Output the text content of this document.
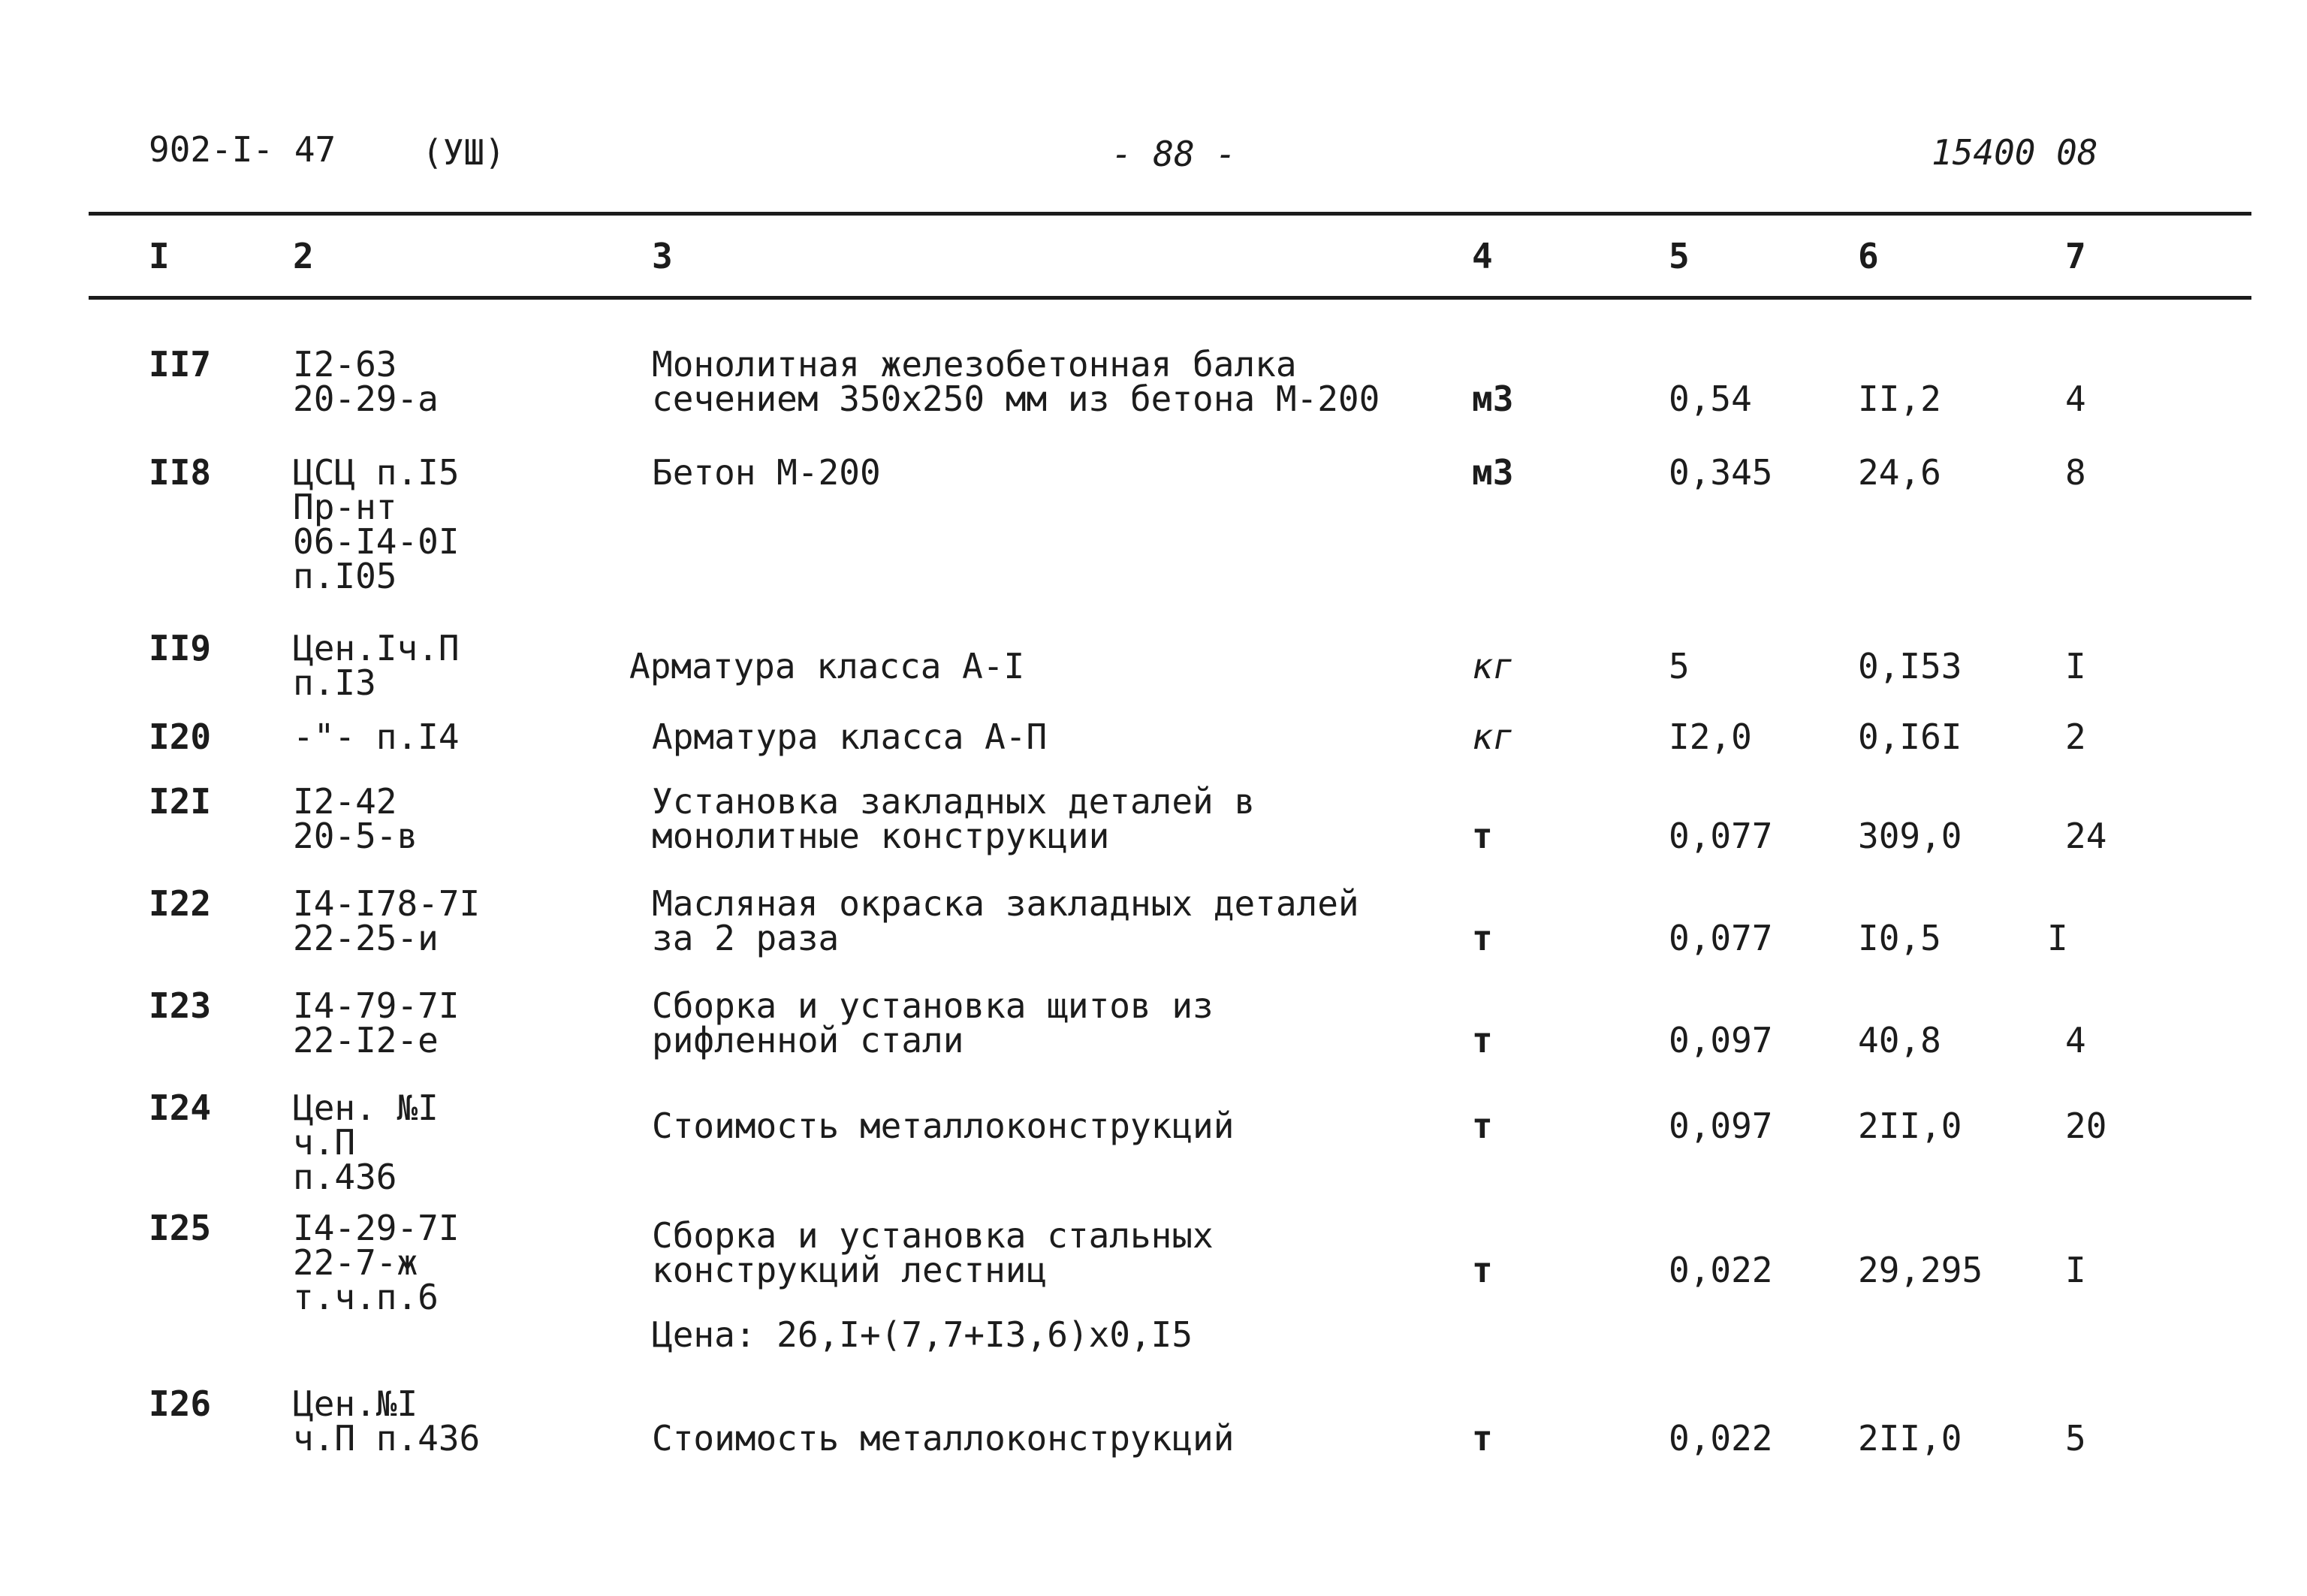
902-I- 47 (УШ)	- 88 -	15400 08
I	2	3	4	5	6	7
II7 I2-63
20-29-а
Монолитная железобетонная балка
сечением 350х250 мм из бетона М-200	м3	0,54	II,2	4
II8 ЦСЦ п.I5
Пр-нт
06-I4-0I
п.I05
Бетон М-200	м3	0,345 24,6	8
II9 Цен.Iч.П
п.I3	Арматура класса А-I	кг	5	0,I53	I
I20 -"- п.I4	Арматура класса А-П	кг	I2,0	0,I6I	2
I2I I2-42
20-5-в
Установка закладных деталей в
монолитные конструкции	т	0,077 309,0	24
I22 I4-I78-7I
22-25-и
Масляная окраска закладных деталей
за 2 раза	т	0,077 I0,5	I
I23 I4-79-7I
22-I2-е
Сборка и установка щитов из
рифленной стали	т	0,097 40,8	4
I24 Цен. №I
ч.П
п.436
Стоимость металлоконструкций	т	0,097 2II,0	20
I25 I4-29-7I
22-7-ж
т.ч.п.6
Сборка и установка стальных
конструкций лестниц
Цена: 26,I+(7,7+I3,6)х0,I5
т	0,022 29,295 I
I26 Цен.№I
ч.П п.436	Стоимость металлоконструкций	т	0,022 2II,0	5
